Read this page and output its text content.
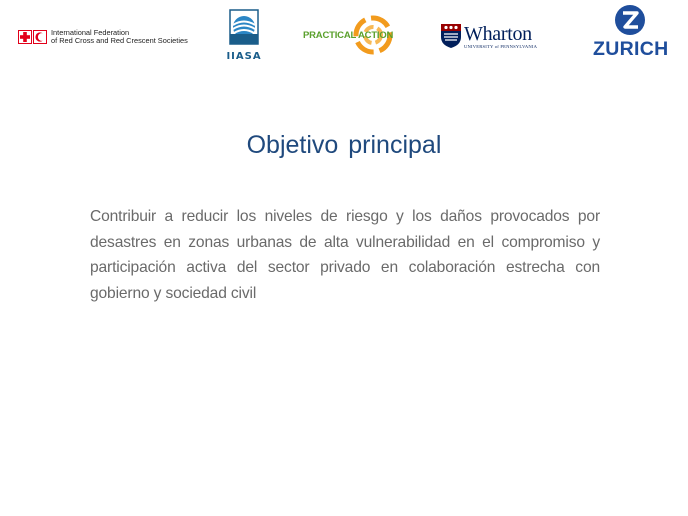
International Federation
of Red Cross and Red Crescent Societies
IIASA
PRACTICAL ACTION	Wharton
UNIVERSITY of PENNSYLVANIA	ZURICH
Objetivo principal

Contribuir a reducir los niveles de riesgo y los daños provocados por desastres en zonas urbanas de alta vulnerabilidad en el compromiso y participación activa del sector privado en colaboración estrecha con gobierno y sociedad civil
